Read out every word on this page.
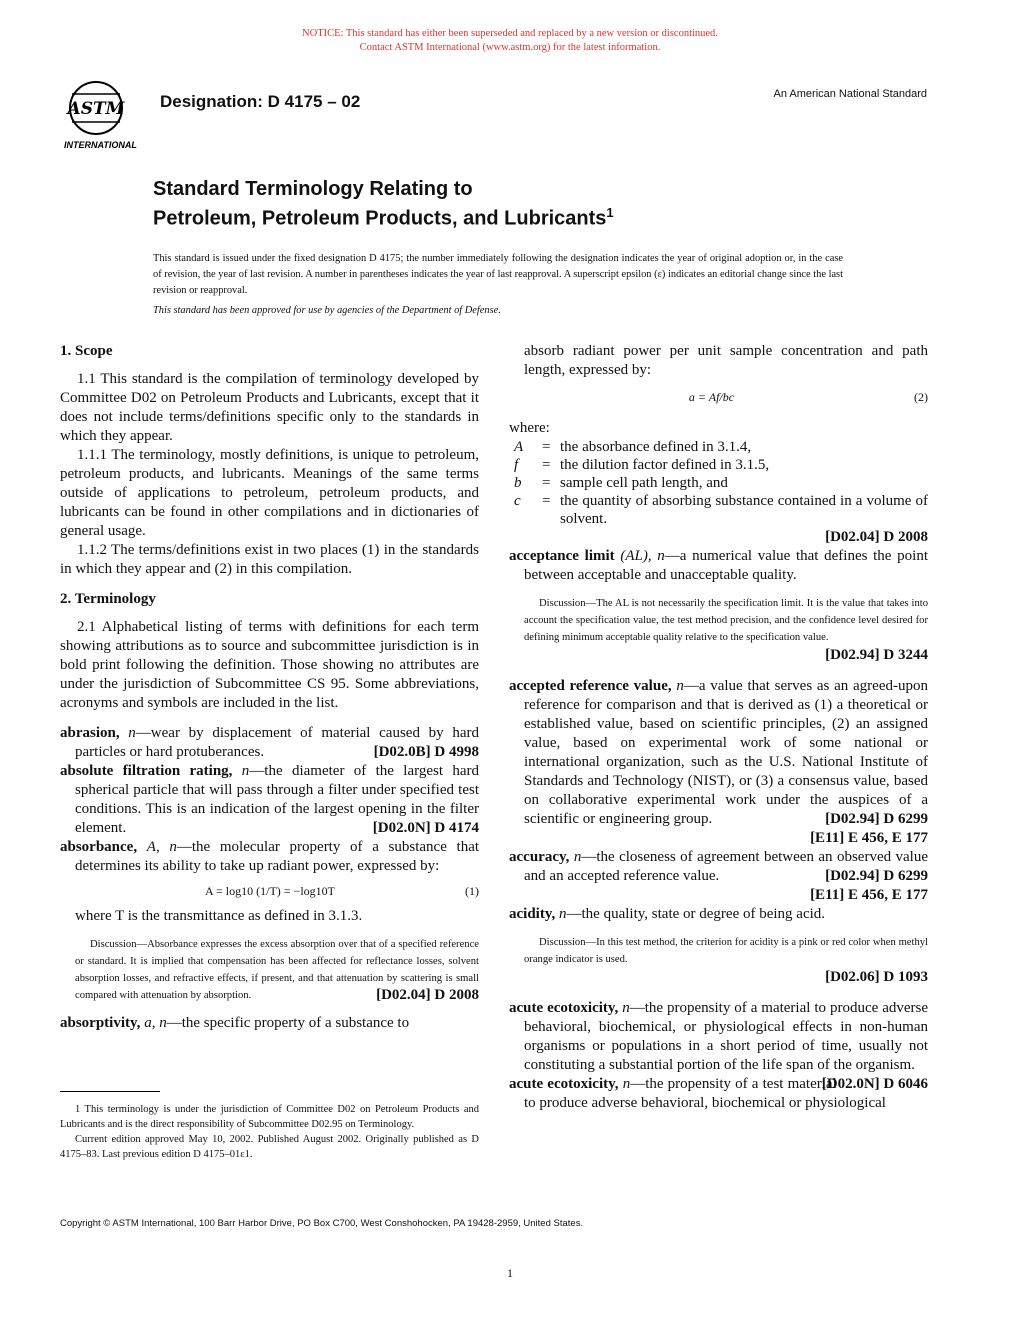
NOTICE: This standard has either been superseded and replaced by a new version or discontinued.
Contact ASTM International (www.astm.org) for the latest information.
ASTM
INTERNATIONAL
Designation: D 4175 – 02	An American National Standard
Standard Terminology Relating to
Petroleum, Petroleum Products, and Lubricants$^1$
This standard is issued under the fixed designation D 4175; the number immediately following the designation indicates the year of original adoption or, in the case of revision, the year of last revision. A number in parentheses indicates the year of last reapproval. A superscript epsilon (ε) indicates an editorial change since the last revision or reapproval.
This standard has been approved for use by agencies of the Department of Defense.

1. Scope

1.1 This standard is the compilation of terminology developed by Committee D02 on Petroleum Products and Lubricants, except that it does not include terms/definitions specific only to the standards in which they appear.

1.1.1 The terminology, mostly definitions, is unique to petroleum, petroleum products, and lubricants. Meanings of the same terms outside of applications to petroleum, petroleum products, and lubricants can be found in other compilations and in dictionaries of general usage.

1.1.2 The terms/definitions exist in two places (1) in the standards in which they appear and (2) in this compilation.

2. Terminology

2.1 Alphabetical listing of terms with definitions for each term showing attributions as to source and subcommittee jurisdiction is in bold print following the definition. Those showing no attributes are under the jurisdiction of Subcommittee CS 95. Some abbreviations, acronyms and symbols are included in the list.

abrasion, n—wear by displacement of material caused by hard particles or hard protuberances.	[D02.0B] D 4998

absolute filtration rating, n—the diameter of the largest hard spherical particle that will pass through a filter under specified test conditions. This is an indication of the largest opening in the filter element.	[D02.0N] D 4174

absorbance, A, n—the molecular property of a substance that determines its ability to take up radiant power, expressed by:

A = log10 (1/T) = −log10T	(1)

where T is the transmittance as defined in 3.1.3.

Discussion—Absorbance expresses the excess absorption over that of a specified reference or standard. It is implied that compensation has been affected for reflectance losses, solvent absorption losses, and refractive effects, if present, and that attenuation by scattering is small compared with attenuation by absorption.	[D02.04] D 2008

absorptivity, a, n—the specific property of a substance to

absorb radiant power per unit sample concentration and path length, expressed by:

a = Af/bc	(2)

where:

A	= the absorbance defined in 3.1.4,
f	= the dilution factor defined in 3.1.5,
b	= sample cell path length, and
c	= the quantity of absorbing substance contained in a volume of solvent.

[D02.04] D 2008

acceptance limit (AL), n—a numerical value that defines the point between acceptable and unacceptable quality.

Discussion—The AL is not necessarily the specification limit. It is the value that takes into account the specification value, the test method precision, and the confidence level desired for defining minimum acceptable quality relative to the specification value.

[D02.94] D 3244

accepted reference value, n—a value that serves as an agreed-upon reference for comparison and that is derived as (1) a theoretical or established value, based on scientific principles, (2) an assigned value, based on experimental work of some national or international organization, such as the U.S. National Institute of Standards and Technology (NIST), or (3) a consensus value, based on collaborative experimental work under the auspices of a scientific or engineering group.	[D02.94] D 6299

[E11] E 456, E 177

accuracy, n—the closeness of agreement between an observed value and an accepted reference value.	[D02.94] D 6299

[E11] E 456, E 177

acidity, n—the quality, state or degree of being acid.

Discussion—In this test method, the criterion for acidity is a pink or red color when methyl orange indicator is used.

[D02.06] D 1093

acute ecotoxicity, n—the propensity of a material to produce adverse behavioral, biochemical, or physiological effects in non-human organisms or populations in a short period of time, usually not constituting a substantial portion of the life span of the organism.
[D02.0N] D 6046

acute ecotoxicity, n—the propensity of a test material to produce adverse behavioral, biochemical or physiological

1 This terminology is under the jurisdiction of Committee D02 on Petroleum Products and Lubricants and is the direct responsibility of Subcommittee D02.95 on Terminology.

Current edition approved May 10, 2002. Published August 2002. Originally published as D 4175–83. Last previous edition D 4175–01ε1.

Copyright © ASTM International, 100 Barr Harbor Drive, PO Box C700, West Conshohocken, PA 19428-2959, United States.
1
